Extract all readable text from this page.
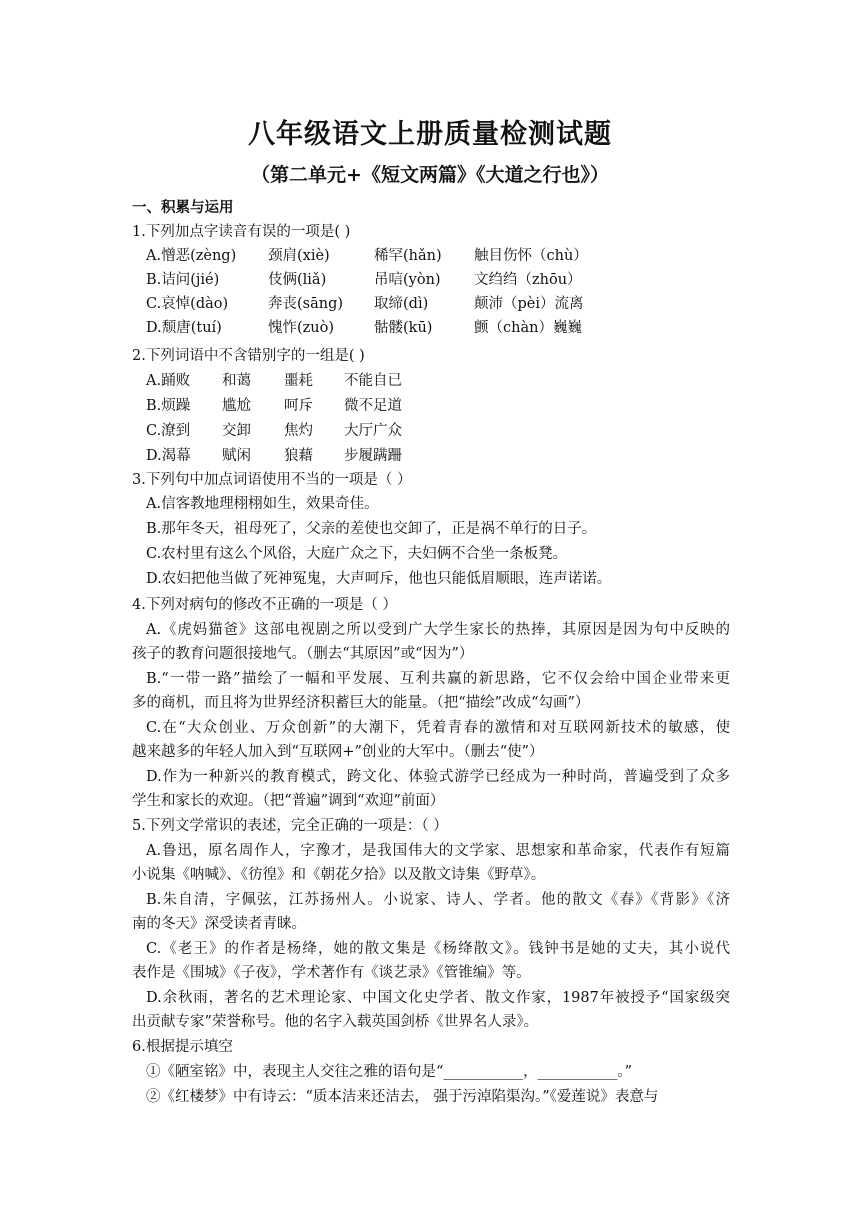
八年级语文上册质量检测试题
（第二单元+《短文两篇》《大道之行也》）
一、积累与运用
1.下列加点字读音有误的一项是( )
A.憎恶(zèng) 颈肩(xiè)	稀罕(hǎn) 触目伤怀（chù）
B.诘问(jié)	伎俩(liǎ)	吊唁(yòn) 文绉绉（zhōu）
C.哀悼(dào)	奔丧(sāng) 取缔(dì)	颠沛（pèi）流离
D.颓唐(tuí)	愧怍(zuò)	骷髅(kū)	颤（chàn）巍巍
2.下列词语中不含错别字的一组是( )
A.踊败 和蔼 噩耗 不能自已
B.烦躁 尴尬 呵斥 微不足道
C.潦到 交卸 焦灼 大厅广众
D.渴幕 赋闲 狼藉 步履蹒跚
3.下列句中加点词语使用不当的一项是（ ）
A.信客教地理栩栩如生，效果奇佳。
B.那年冬天，祖母死了，父亲的差使也交卸了，正是祸不单行的日子。
C.农村里有这么个风俗，大庭广众之下，夫妇俩不合坐一条板凳。
D.农妇把他当做了死神冤鬼，大声呵斥，他也只能低眉顺眼，连声诺诺。
4.下列对病句的修改不正确的一项是（ ）
A.《虎妈猫爸》这部电视剧之所以受到广大学生家长的热捧，其原因是因为句中反映的
孩子的教育问题很接地气。（删去“其原因”或“因为”）
B.“一带一路”描绘了一幅和平发展、互利共赢的新思路，它不仅会给中国企业带来更
多的商机，而且将为世界经济积蓄巨大的能量。（把“描绘”改成“勾画”）
C.在“大众创业、万众创新”的大潮下，凭着青春的激情和对互联网新技术的敏感，使
越来越多的年轻人加入到“互联网+”创业的大军中。（删去“使”）
D.作为一种新兴的教育模式，跨文化、体验式游学已经成为一种时尚，普遍受到了众多
学生和家长的欢迎。（把“普遍”调到“欢迎”前面）
5.下列文学常识的表述，完全正确的一项是：（ ）
A.鲁迅，原名周作人，字豫才，是我国伟大的文学家、思想家和革命家，代表作有短篇
小说集《呐喊》、《彷徨》和《朝花夕拾》以及散文诗集《野草》。
B.朱自清，字佩弦，江苏扬州人。小说家、诗人、学者。他的散文《春》《背影》《济
南的冬天》深受读者青睐。
C.《老王》的作者是杨绛，她的散文集是《杨绛散文》。钱钟书是她的丈夫，其小说代
表作是《围城》《子夜》，学术著作有《谈艺录》《管锥编》等。
D.余秋雨，著名的艺术理论家、中国文化史学者、散文作家，1987年被授予“国家级突
出贡献专家”荣誉称号。他的名字入载英国剑桥《世界名人录》。
6.根据提示填空
①《陋室铭》中，表现主人交往之雅的语句是“___________，___________。”
②《红楼梦》中有诗云：“质本洁来还洁去， 强于污淖陷渠沟。”《爱莲说》表意与
